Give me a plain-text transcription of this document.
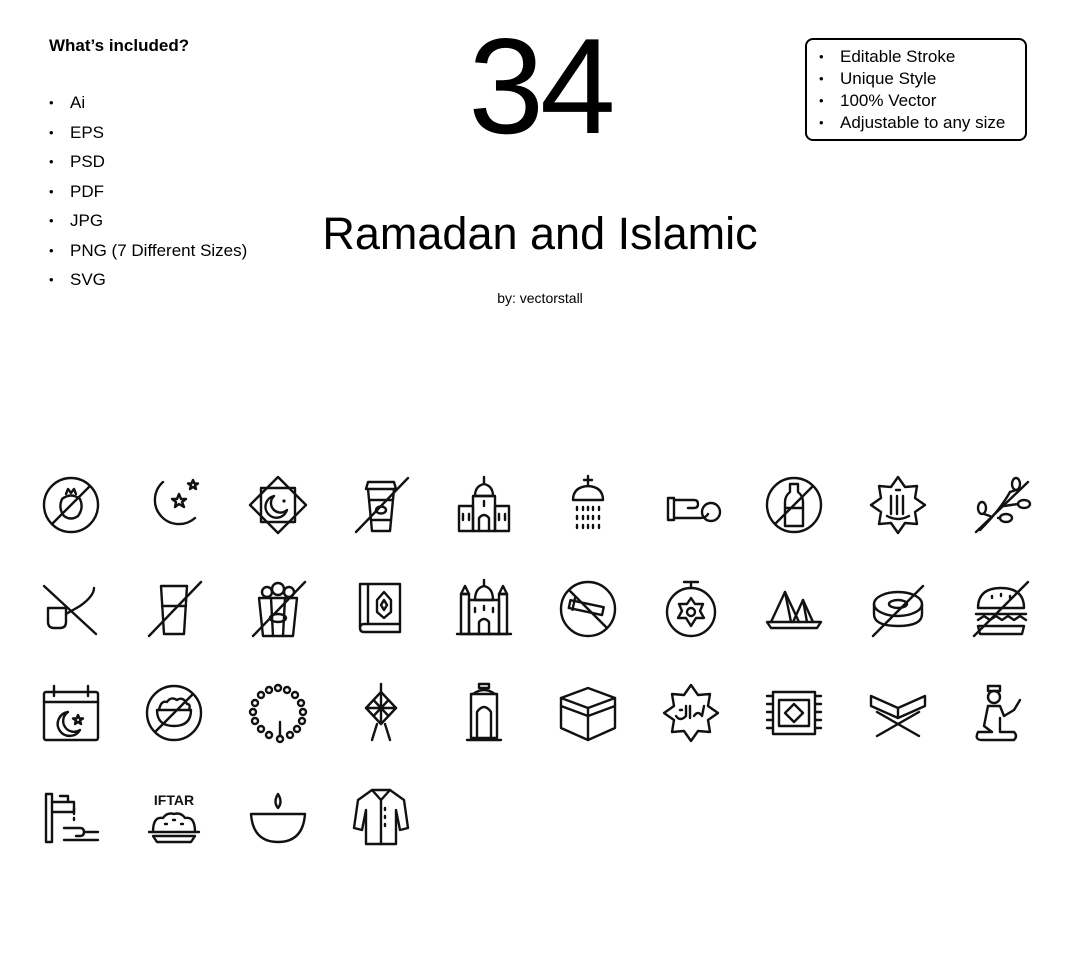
What’s included?
• Ai
• EPS
• PSD
• PDF
• JPG
• PNG (7 Different Sizes)
• SVG
34
Ramadan and Islamic
by: vectorstall
• Editable Stroke
• Unique Style
• 100% Vector
• Adjustable to any size
IFTAR
